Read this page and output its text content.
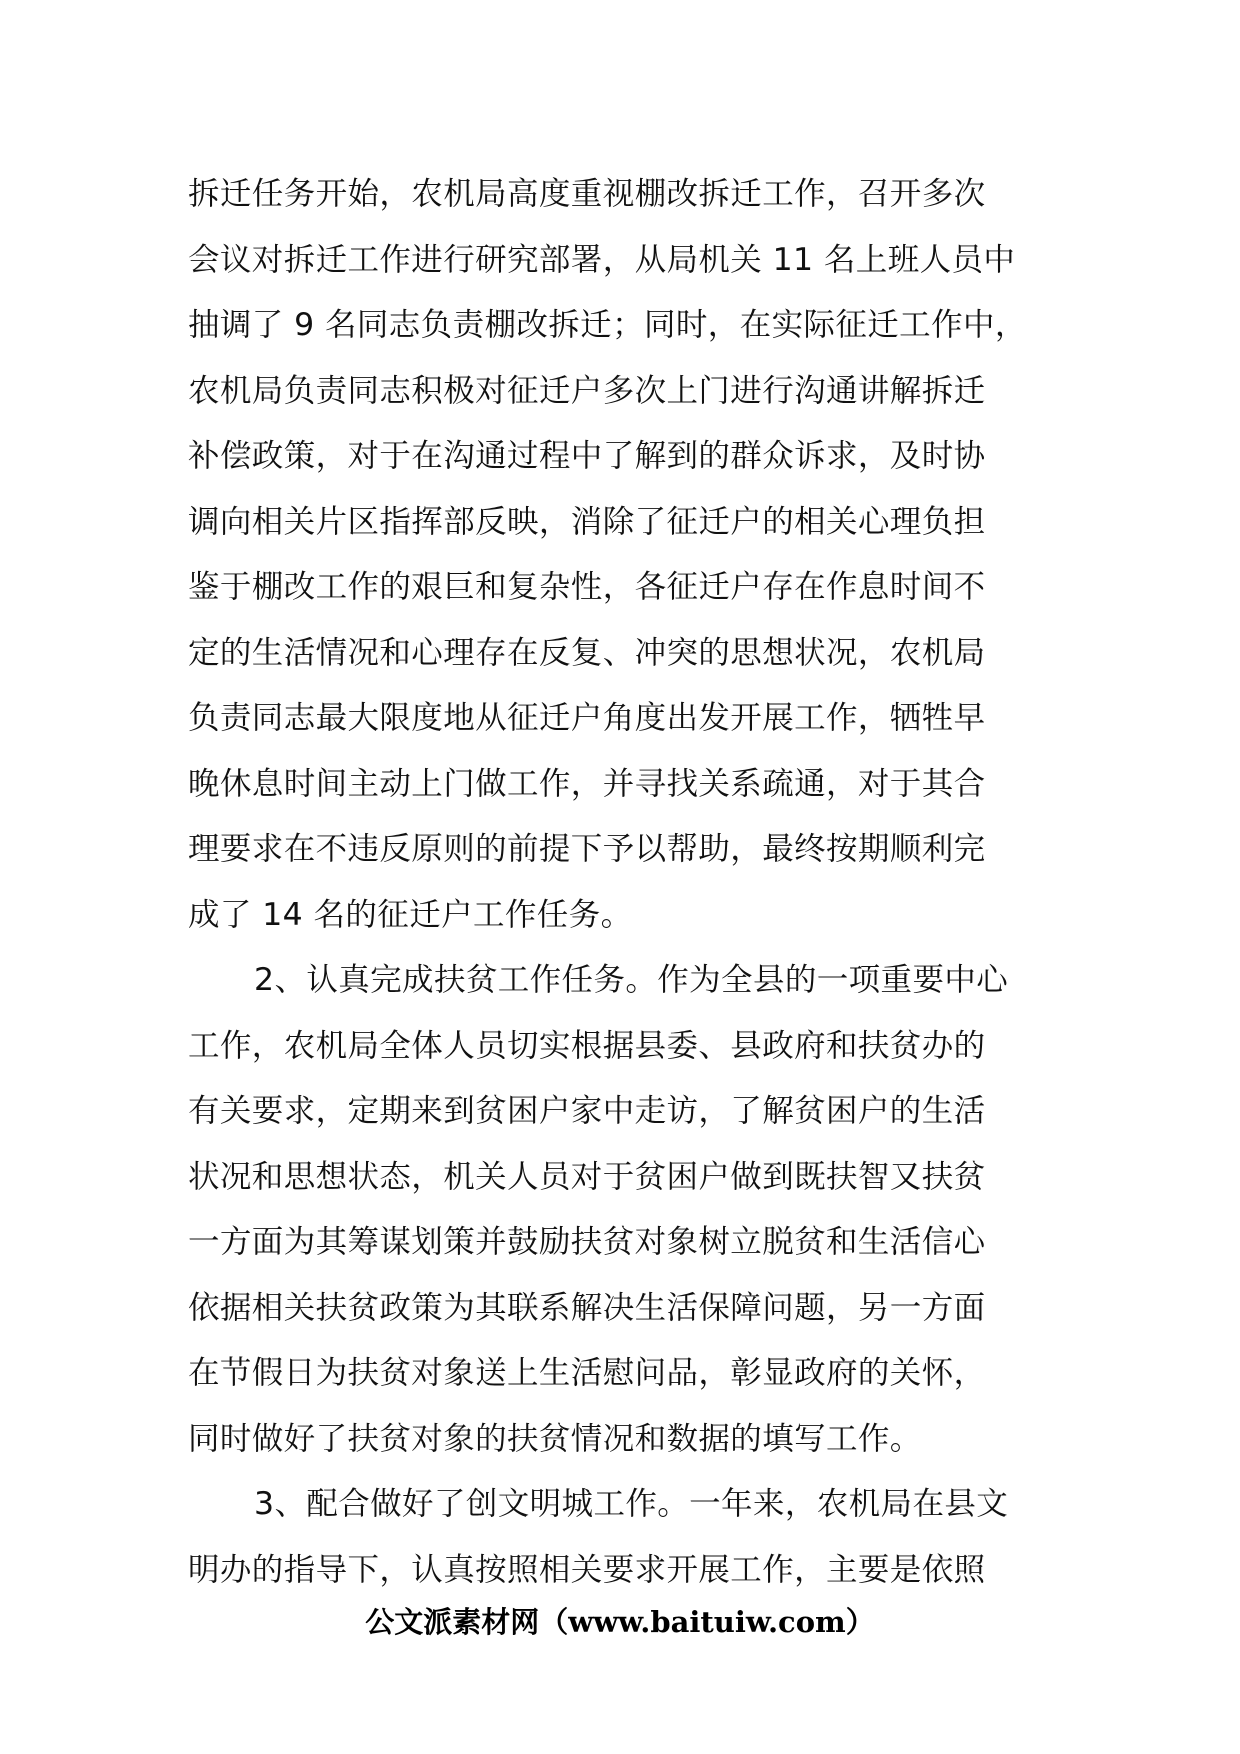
拆迁任务开始，农机局高度重视棚改拆迁工作，召开多次
会议对拆迁工作进行研究部署，从局机关 11 名上班人员中
抽调了 9 名同志负责棚改拆迁；同时，在实际征迁工作中，
农机局负责同志积极对征迁户多次上门进行沟通讲解拆迁
补偿政策，对于在沟通过程中了解到的群众诉求，及时协
调向相关片区指挥部反映，消除了征迁户的相关心理负担
鉴于棚改工作的艰巨和复杂性，各征迁户存在作息时间不
定的生活情况和心理存在反复、冲突的思想状况，农机局
负责同志最大限度地从征迁户角度出发开展工作，牺牲早
晚休息时间主动上门做工作，并寻找关系疏通，对于其合
理要求在不违反原则的前提下予以帮助，最终按期顺利完
成了 14 名的征迁户工作任务。
2、认真完成扶贫工作任务。作为全县的一项重要中心
工作，农机局全体人员切实根据县委、县政府和扶贫办的
有关要求，定期来到贫困户家中走访，了解贫困户的生活
状况和思想状态，机关人员对于贫困户做到既扶智又扶贫
一方面为其筹谋划策并鼓励扶贫对象树立脱贫和生活信心
依据相关扶贫政策为其联系解决生活保障问题，另一方面
在节假日为扶贫对象送上生活慰问品，彰显政府的关怀，
同时做好了扶贫对象的扶贫情况和数据的填写工作。
3、配合做好了创文明城工作。一年来，农机局在县文
明办的指导下，认真按照相关要求开展工作，主要是依照
公文派素材网（www.baituiw.com）
